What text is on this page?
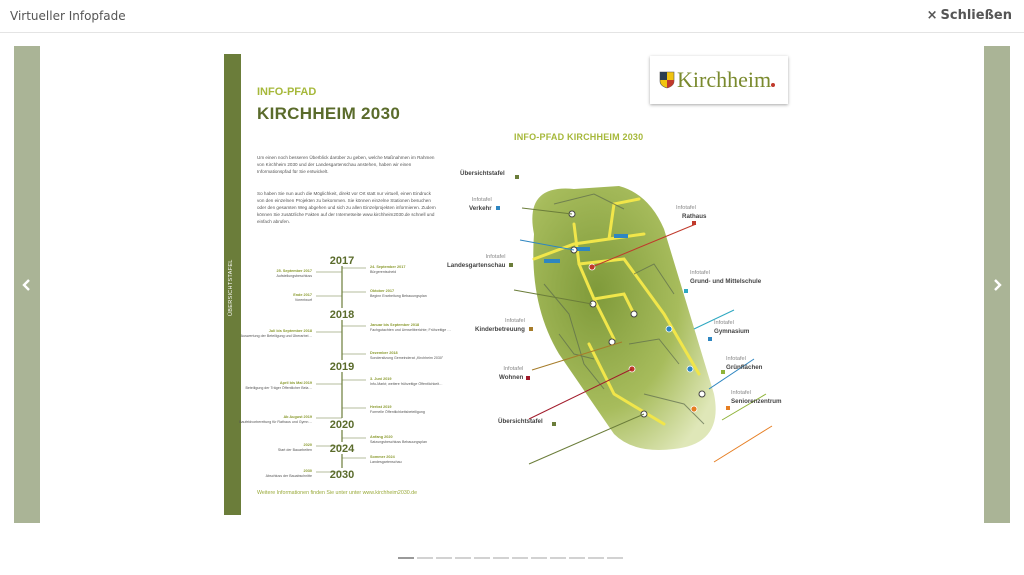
Virtueller Infopfade	× Schließen
ÜBERSICHTSTAFEL
INFO-PFAD
KIRCHHEIM 2030
Um einen noch besseren Überblick darüber zu geben, welche Maßnahmen im Rahmen von Kirchheim 2030 und der Landesgartenschau anstehen, haben wir einen Informationspfad für Sie entwickelt.
So haben Sie nun auch die Möglichkeit, direkt vor Ort statt nur virtuell, einen Eindruck von den einzelnen Projekten zu bekommen. Sie können einzelne Stationen besuchen oder den gesamten Weg abgehen und sich zu allen Einzelprojekten informieren. Zudem können Sie zusätzliche Fakten auf der Internetseite www.kirchheim2030.de schnell und einfach abrufen.
2017
2018
2019
2020
2024
2030
25. September 2017
Aufstellungsbeschluss
Ende 2017
Vorentwurf
Juli bis September 2018
Auswertung der Beteiligung und Überarbei…
April bis Mai 2019
Beteiligung der Träger Öffentlicher Bela…
Ab August 2019
Baufeldvorbereitung für Rathaus und Gymn…
2020
Start der Bauarbeiten
2030
Abschluss der Bauabschnitte
24. September 2017
Bürgerentscheid
Oktober 2017
Beginn Erarbeitung Bebauungsplan
Januar bis September 2018
Fachgutachten und Umweltberichte; Frühzeitige …
Dezember 2018
Sondersitzung Gemeinderat „Kirchheim 2030"
3. Juni 2019
Info-Markt; weitere frühzeitige Öffentlichkeit…
Herbst 2019
Formelle Öffentlichkeitsbeteiligung
Anfang 2020
Satzungsbeschluss Bebauungsplan
Sommer 2024
Landesgartenschau
Weitere Informationen finden Sie unter unter www.kirchheim2030.de
Kirchheim
INFO-PFAD KIRCHHEIM 2030
Übersichtstafel
Infotafel
Verkehr
Infotafel
Landesgartenschau
Infotafel
Kinderbetreuung
Infotafel
Wohnen
Übersichtstafel
Infotafel
Rathaus
Infotafel
Grund- und Mittelschule
Infotafel
Gymnasium
Infotafel
Grünflächen
Infotafel
Seniorenzentrum
